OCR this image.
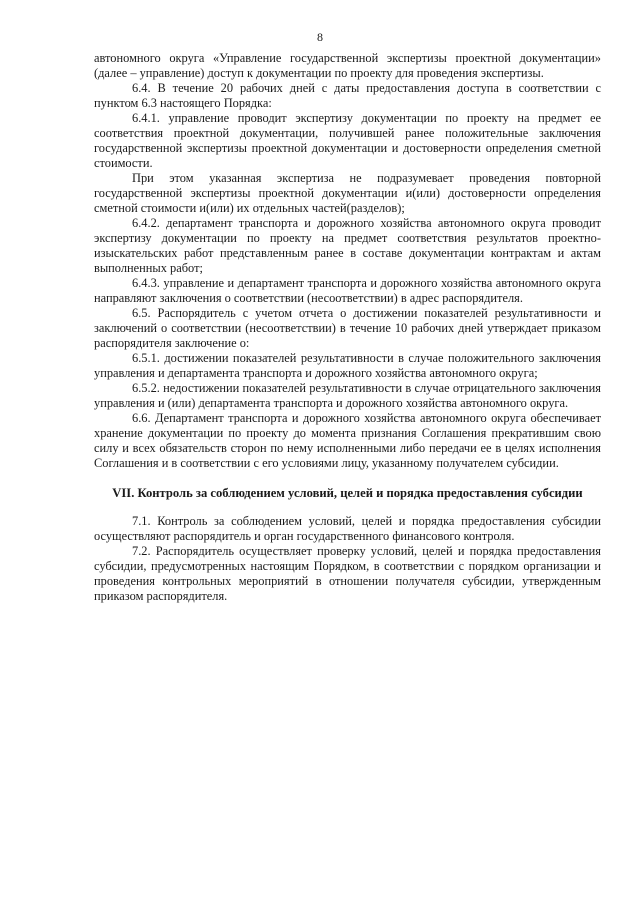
8

автономного округа «Управление государственной экспертизы проектной документации» (далее – управление) доступ к документации по проекту для проведения экспертизы.

6.4. В течение 20 рабочих дней с даты предоставления доступа в соответствии с пунктом 6.3 настоящего Порядка:

6.4.1. управление проводит экспертизу документации по проекту на предмет ее соответствия проектной документации, получившей ранее положительные заключения государственной экспертизы проектной документации и достоверности определения сметной стоимости.

При этом указанная экспертиза не подразумевает проведения повторной государственной экспертизы проектной документации и(или) достоверности определения сметной стоимости и(или) их отдельных частей(разделов);

6.4.2. департамент транспорта и дорожного хозяйства автономного округа проводит экспертизу документации по проекту на предмет соответствия результатов проектно-изыскательских работ представленным ранее в составе документации контрактам и актам выполненных работ;

6.4.3. управление и департамент транспорта и дорожного хозяйства автономного округа направляют заключения о соответствии (несоответствии) в адрес распорядителя.

6.5. Распорядитель с учетом отчета о достижении показателей результативности и заключений о соответствии (несоответствии) в течение 10 рабочих дней утверждает приказом распорядителя заключение о:

6.5.1. достижении показателей результативности в случае положительного заключения управления и департамента транспорта и дорожного хозяйства автономного округа;

6.5.2. недостижении показателей результативности в случае отрицательного заключения управления и (или) департамента транспорта и дорожного хозяйства автономного округа.

6.6. Департамент транспорта и дорожного хозяйства автономного округа обеспечивает хранение документации по проекту до момента признания Соглашения прекратившим свою силу и всех обязательств сторон по нему исполненными либо передачи ее в целях исполнения Соглашения и в соответствии с его условиями лицу, указанному получателем субсидии.

VII. Контроль за соблюдением условий, целей и порядка предоставления субсидии

7.1. Контроль за соблюдением условий, целей и порядка предоставления субсидии осуществляют распорядитель и орган государственного финансового контроля.

7.2. Распорядитель осуществляет проверку условий, целей и порядка предоставления субсидии, предусмотренных настоящим Порядком, в соответствии с порядком организации и проведения контрольных мероприятий в отношении получателя субсидии, утвержденным приказом распорядителя.
